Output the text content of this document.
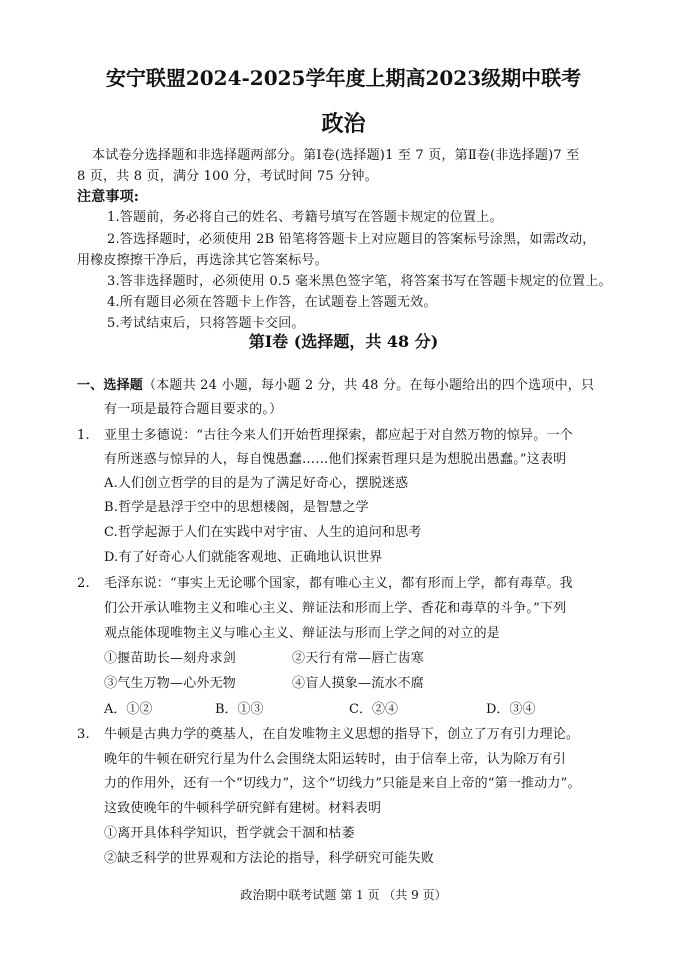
安宁联盟2024-2025学年度上期高2023级期中联考
政治
本试卷分选择题和非选择题两部分。第Ⅰ卷(选择题)1 至 7 页，第Ⅱ卷(非选择题)7 至
8 页，共 8 页，满分 100 分，考试时间 75 分钟。
注意事项:
1.答题前，务必将自己的姓名、考籍号填写在答题卡规定的位置上。
2.答选择题时，必须使用 2B 铅笔将答题卡上对应题目的答案标号涂黑，如需改动，
用橡皮擦擦干净后，再选涂其它答案标号。
3.答非选择题时，必须使用 0.5 毫米黑色签字笔，将答案书写在答题卡规定的位置上。
4.所有题目必须在答题卡上作答，在试题卷上答题无效。
5.考试结束后，只将答题卡交回。
第Ⅰ卷 (选择题，共 48 分)
一、选择题（本题共 24 小题，每小题 2 分，共 48 分。在每小题给出的四个选项中，只
有一项是最符合题目要求的。）
1. 亚里士多德说：“古往今来人们开始哲理探索，都应起于对自然万物的惊异。一个
有所迷惑与惊异的人，每自愧愚蠢……他们探索哲理只是为想脱出愚蠢。”这表明
A.人们创立哲学的目的是为了满足好奇心，摆脱迷惑
B.哲学是悬浮于空中的思想楼阁，是智慧之学
C.哲学起源于人们在实践中对宇宙、人生的追问和思考
D.有了好奇心人们就能客观地、正确地认识世界
2. 毛泽东说：“事实上无论哪个国家，都有唯心主义，都有形而上学，都有毒草。我
们公开承认唯物主义和唯心主义、辩证法和形而上学、香花和毒草的斗争。”下列
观点能体现唯物主义与唯心主义、辩证法与形而上学之间的对立的是
①揠苗助长—刻舟求剑	②天行有常—唇亡齿寒
③气生万物—心外无物	④盲人摸象—流水不腐
A．①②	B．①③	C．②④	D．③④
3. 牛顿是古典力学的奠基人，在自发唯物主义思想的指导下，创立了万有引力理论。
晚年的牛顿在研究行星为什么会围绕太阳运转时，由于信奉上帝，认为除万有引
力的作用外，还有一个“切线力”，这个“切线力”只能是来自上帝的“第一推动力”。
这致使晚年的牛顿科学研究鲜有建树。材料表明
①离开具体科学知识，哲学就会干涸和枯萎
②缺乏科学的世界观和方法论的指导，科学研究可能失败
政治期中联考试题 第 1 页 （共 9 页）
